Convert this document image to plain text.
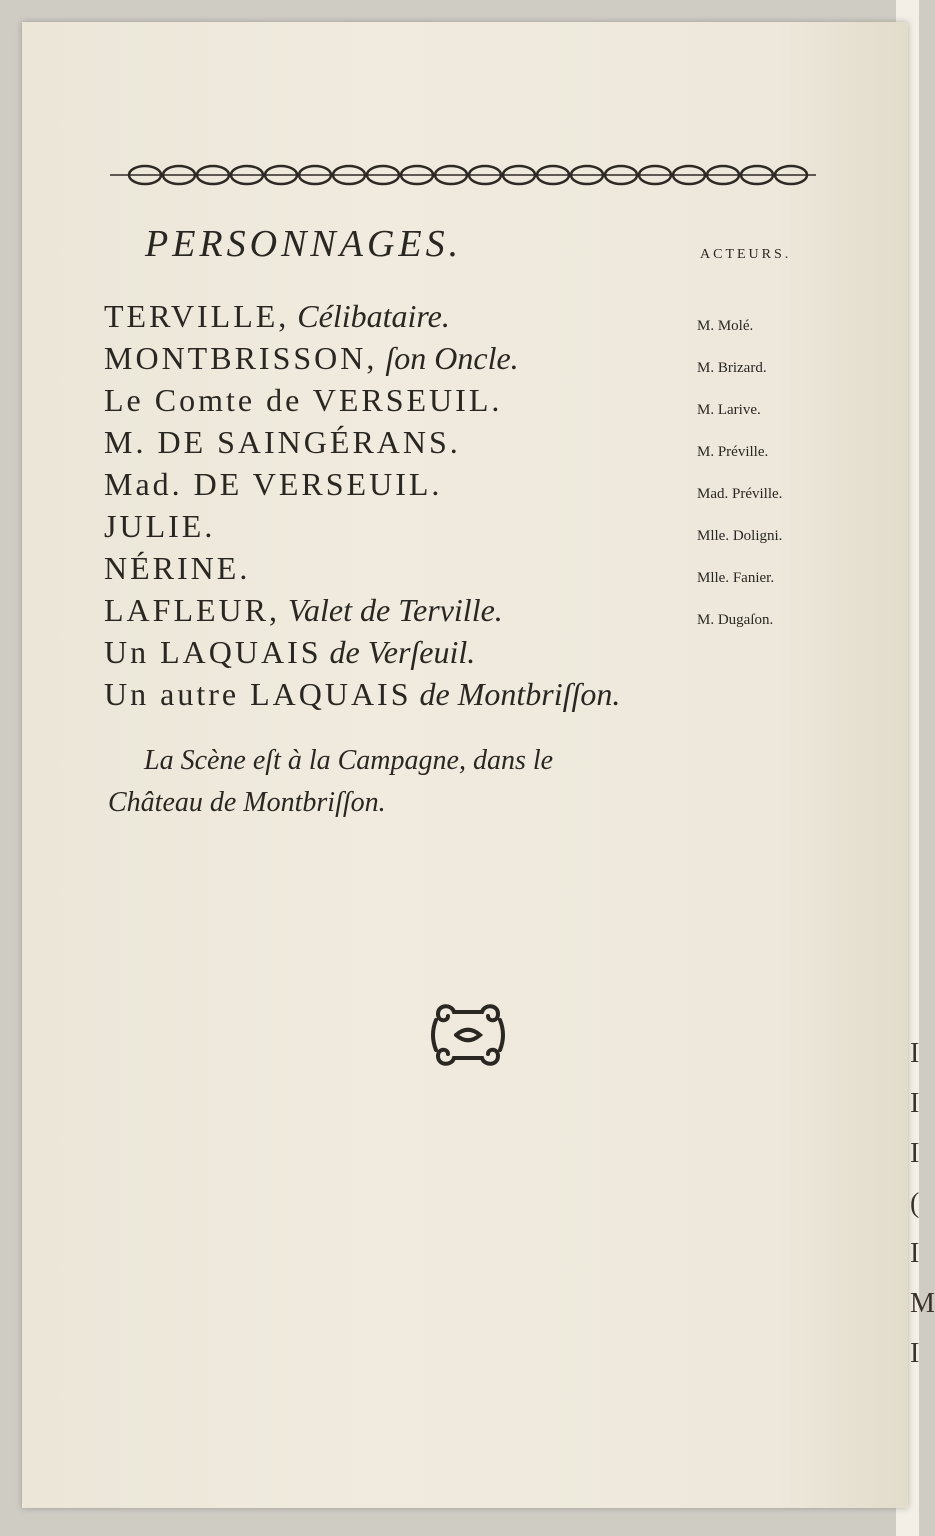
I
I
I
(
I
M
I
PERSONNAGES.	ACTEURS.
TERVILLE, Célibataire.
MONTBRISSON, ſon Oncle.
Le Comte de VERSEUIL.
M. DE SAINGÉRANS.
Mad. DE VERSEUIL.
JULIE.
NÉRINE.
LAFLEUR, Valet de Terville.
Un LAQUAIS de Verſeuil.
Un autre LAQUAIS de Montbriſſon.
M. Molé.
M. Brizard.
M. Larive.
M. Préville.
Mad. Préville.
Mlle. Doligni.
Mlle. Fanier.
M. Dugaſon.
La Scène eſt à la Campagne, dans le
Château de Montbriſſon.
